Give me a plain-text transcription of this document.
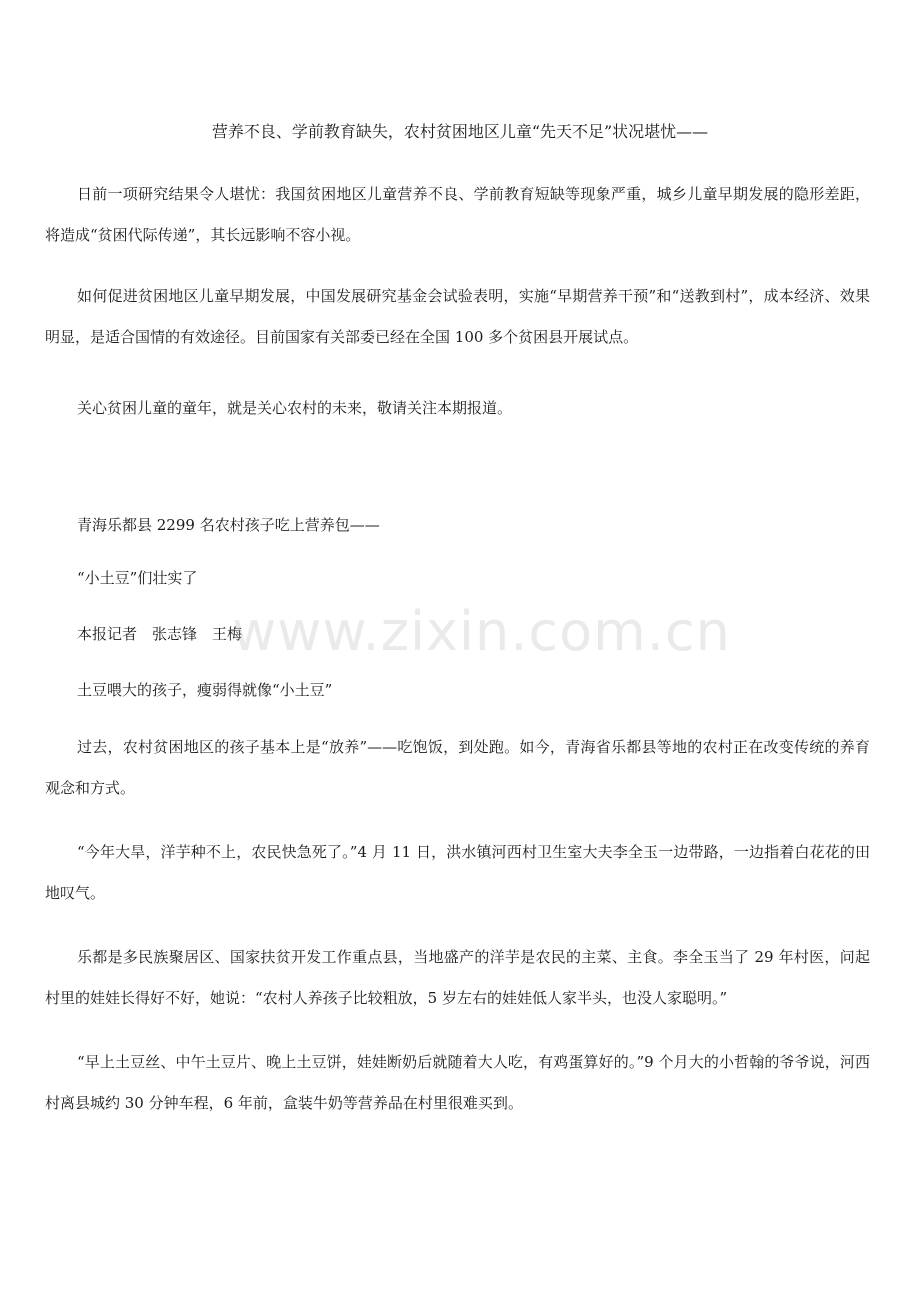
营养不良、学前教育缺失，农村贫困地区儿童“先天不足”状况堪忧——

日前一项研究结果令人堪忧：我国贫困地区儿童营养不良、学前教育短缺等现象严重，城乡儿童早期发展的隐形差距，将造成“贫困代际传递”，其长远影响不容小视。

如何促进贫困地区儿童早期发展，中国发展研究基金会试验表明，实施“早期营养干预”和“送教到村”，成本经济、效果明显，是适合国情的有效途径。目前国家有关部委已经在全国 100 多个贫困县开展试点。

关心贫困儿童的童年，就是关心农村的未来，敬请关注本期报道。

青海乐都县 2299 名农村孩子吃上营养包——

“小土豆”们壮实了

本报记者　张志锋　王梅

土豆喂大的孩子，瘦弱得就像“小土豆”

过去，农村贫困地区的孩子基本上是“放养”——吃饱饭，到处跑。如今，青海省乐都县等地的农村正在改变传统的养育观念和方式。

“今年大旱，洋芋种不上，农民快急死了。”4 月 11 日，洪水镇河西村卫生室大夫李全玉一边带路，一边指着白花花的田地叹气。

乐都是多民族聚居区、国家扶贫开发工作重点县，当地盛产的洋芋是农民的主菜、主食。李全玉当了 29 年村医，问起村里的娃娃长得好不好，她说：“农村人养孩子比较粗放，5 岁左右的娃娃低人家半头，也没人家聪明。”

“早上土豆丝、中午土豆片、晚上土豆饼，娃娃断奶后就随着大人吃，有鸡蛋算好的。”9 个月大的小哲翰的爷爷说，河西村离县城约 30 分钟车程，6 年前，盒装牛奶等营养品在村里很难买到。

www.zixin.com.cn
